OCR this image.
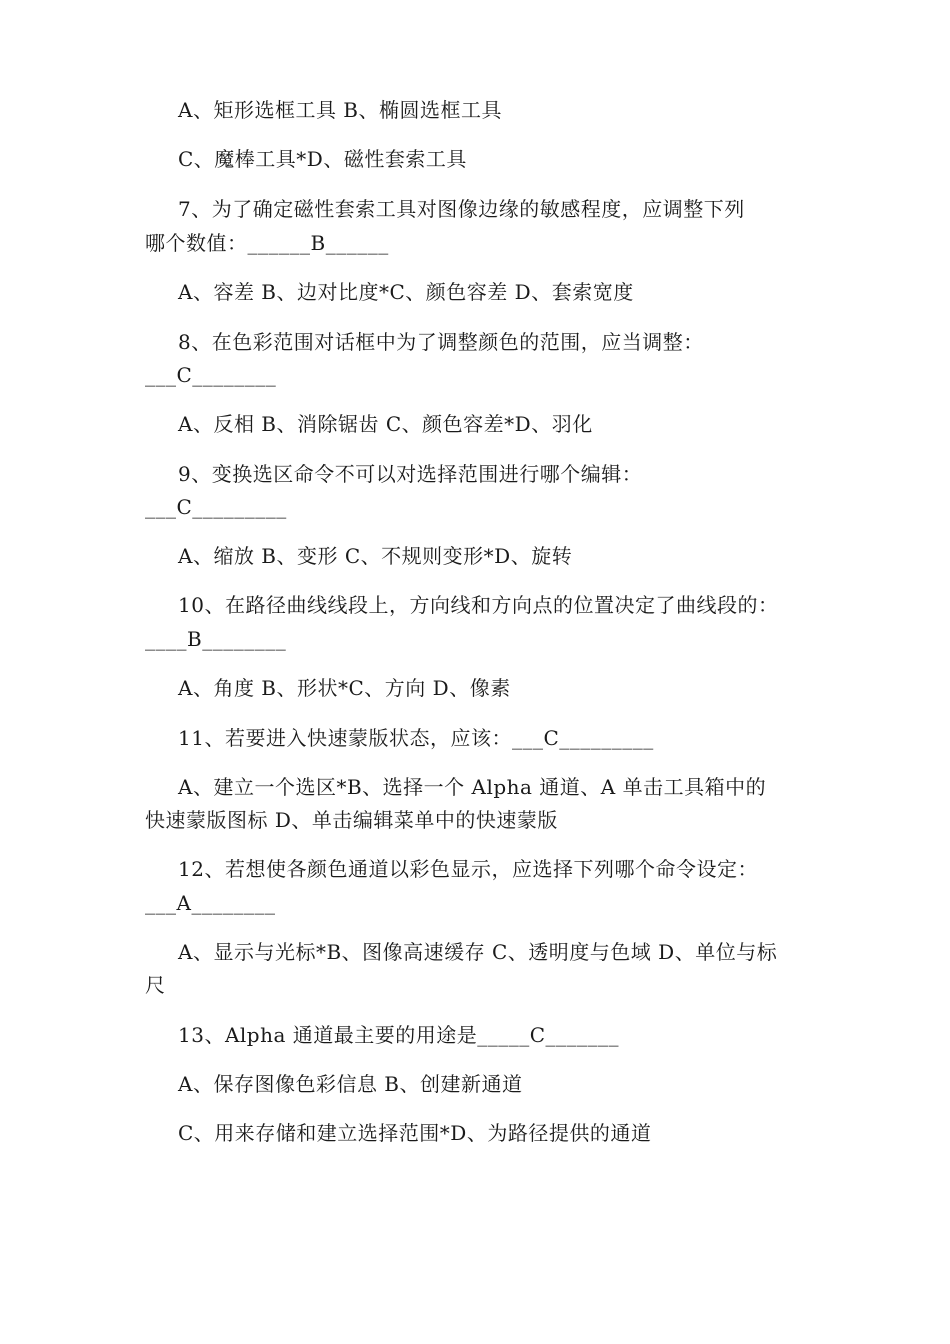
A、矩形选框工具 B、椭圆选框工具
C、魔棒工具*D、磁性套索工具
7、为了确定磁性套索工具对图像边缘的敏感程度，应调整下列
哪个数值：______B______
A、容差 B、边对比度*C、颜色容差 D、套索宽度
8、在色彩范围对话框中为了调整颜色的范围，应当调整：
___C________
A、反相 B、消除锯齿 C、颜色容差*D、羽化
9、变换选区命令不可以对选择范围进行哪个编辑：
___C_________
A、缩放 B、变形 C、不规则变形*D、旋转
10、在路径曲线线段上，方向线和方向点的位置决定了曲线段的：
____B________
A、角度 B、形状*C、方向 D、像素
11、若要进入快速蒙版状态，应该：___C_________
A、建立一个选区*B、选择一个 Alpha 通道、A 单击工具箱中的
快速蒙版图标 D、单击编辑菜单中的快速蒙版
12、若想使各颜色通道以彩色显示，应选择下列哪个命令设定：
___A________
A、显示与光标*B、图像高速缓存 C、透明度与色域 D、单位与标
尺
13、Alpha 通道最主要的用途是_____C_______
A、保存图像色彩信息 B、创建新通道
C、用来存储和建立选择范围*D、为路径提供的通道
